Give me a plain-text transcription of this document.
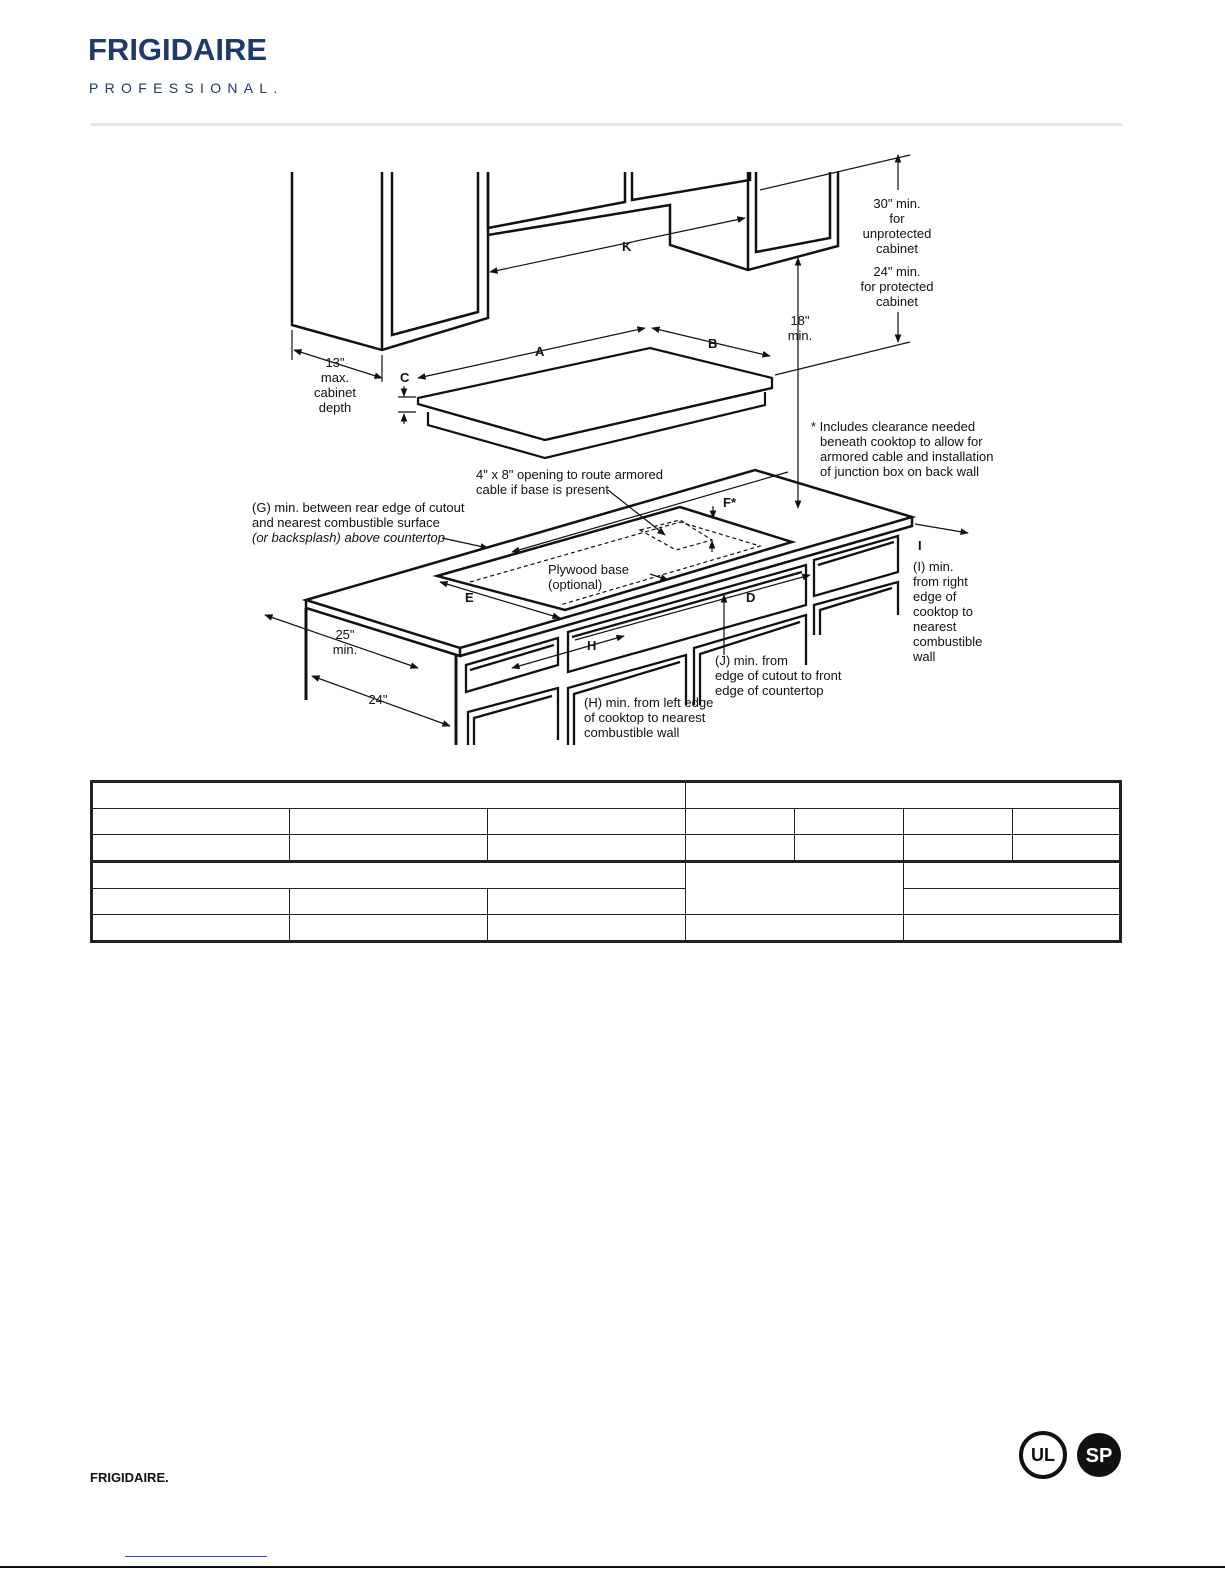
FRIGIDAIRE
PROFESSIONAL.
K
A
B
C
D
E
F*
H
I
13"
max.
cabinet
depth
30" min.
for
unprotected
cabinet
24" min.
for protected
cabinet
18"
min.
* Includes clearance needed
beneath cooktop to allow for
armored cable and installation
of junction box on back wall
4" x 8" opening to route armored
cable if base is present
(G) min. between rear edge of cutout
and nearest combustible surface
(or backsplash) above countertop
Plywood base
(optional)
(I) min.
from right
edge of
cooktop to
nearest
combustible
wall
(J) min. from
edge of cutout to front
edge of countertop
(H) min. from left edge
of cooktop to nearest
combustible wall
25"
min.
24"

FRIGIDAIRE.
UL SP
